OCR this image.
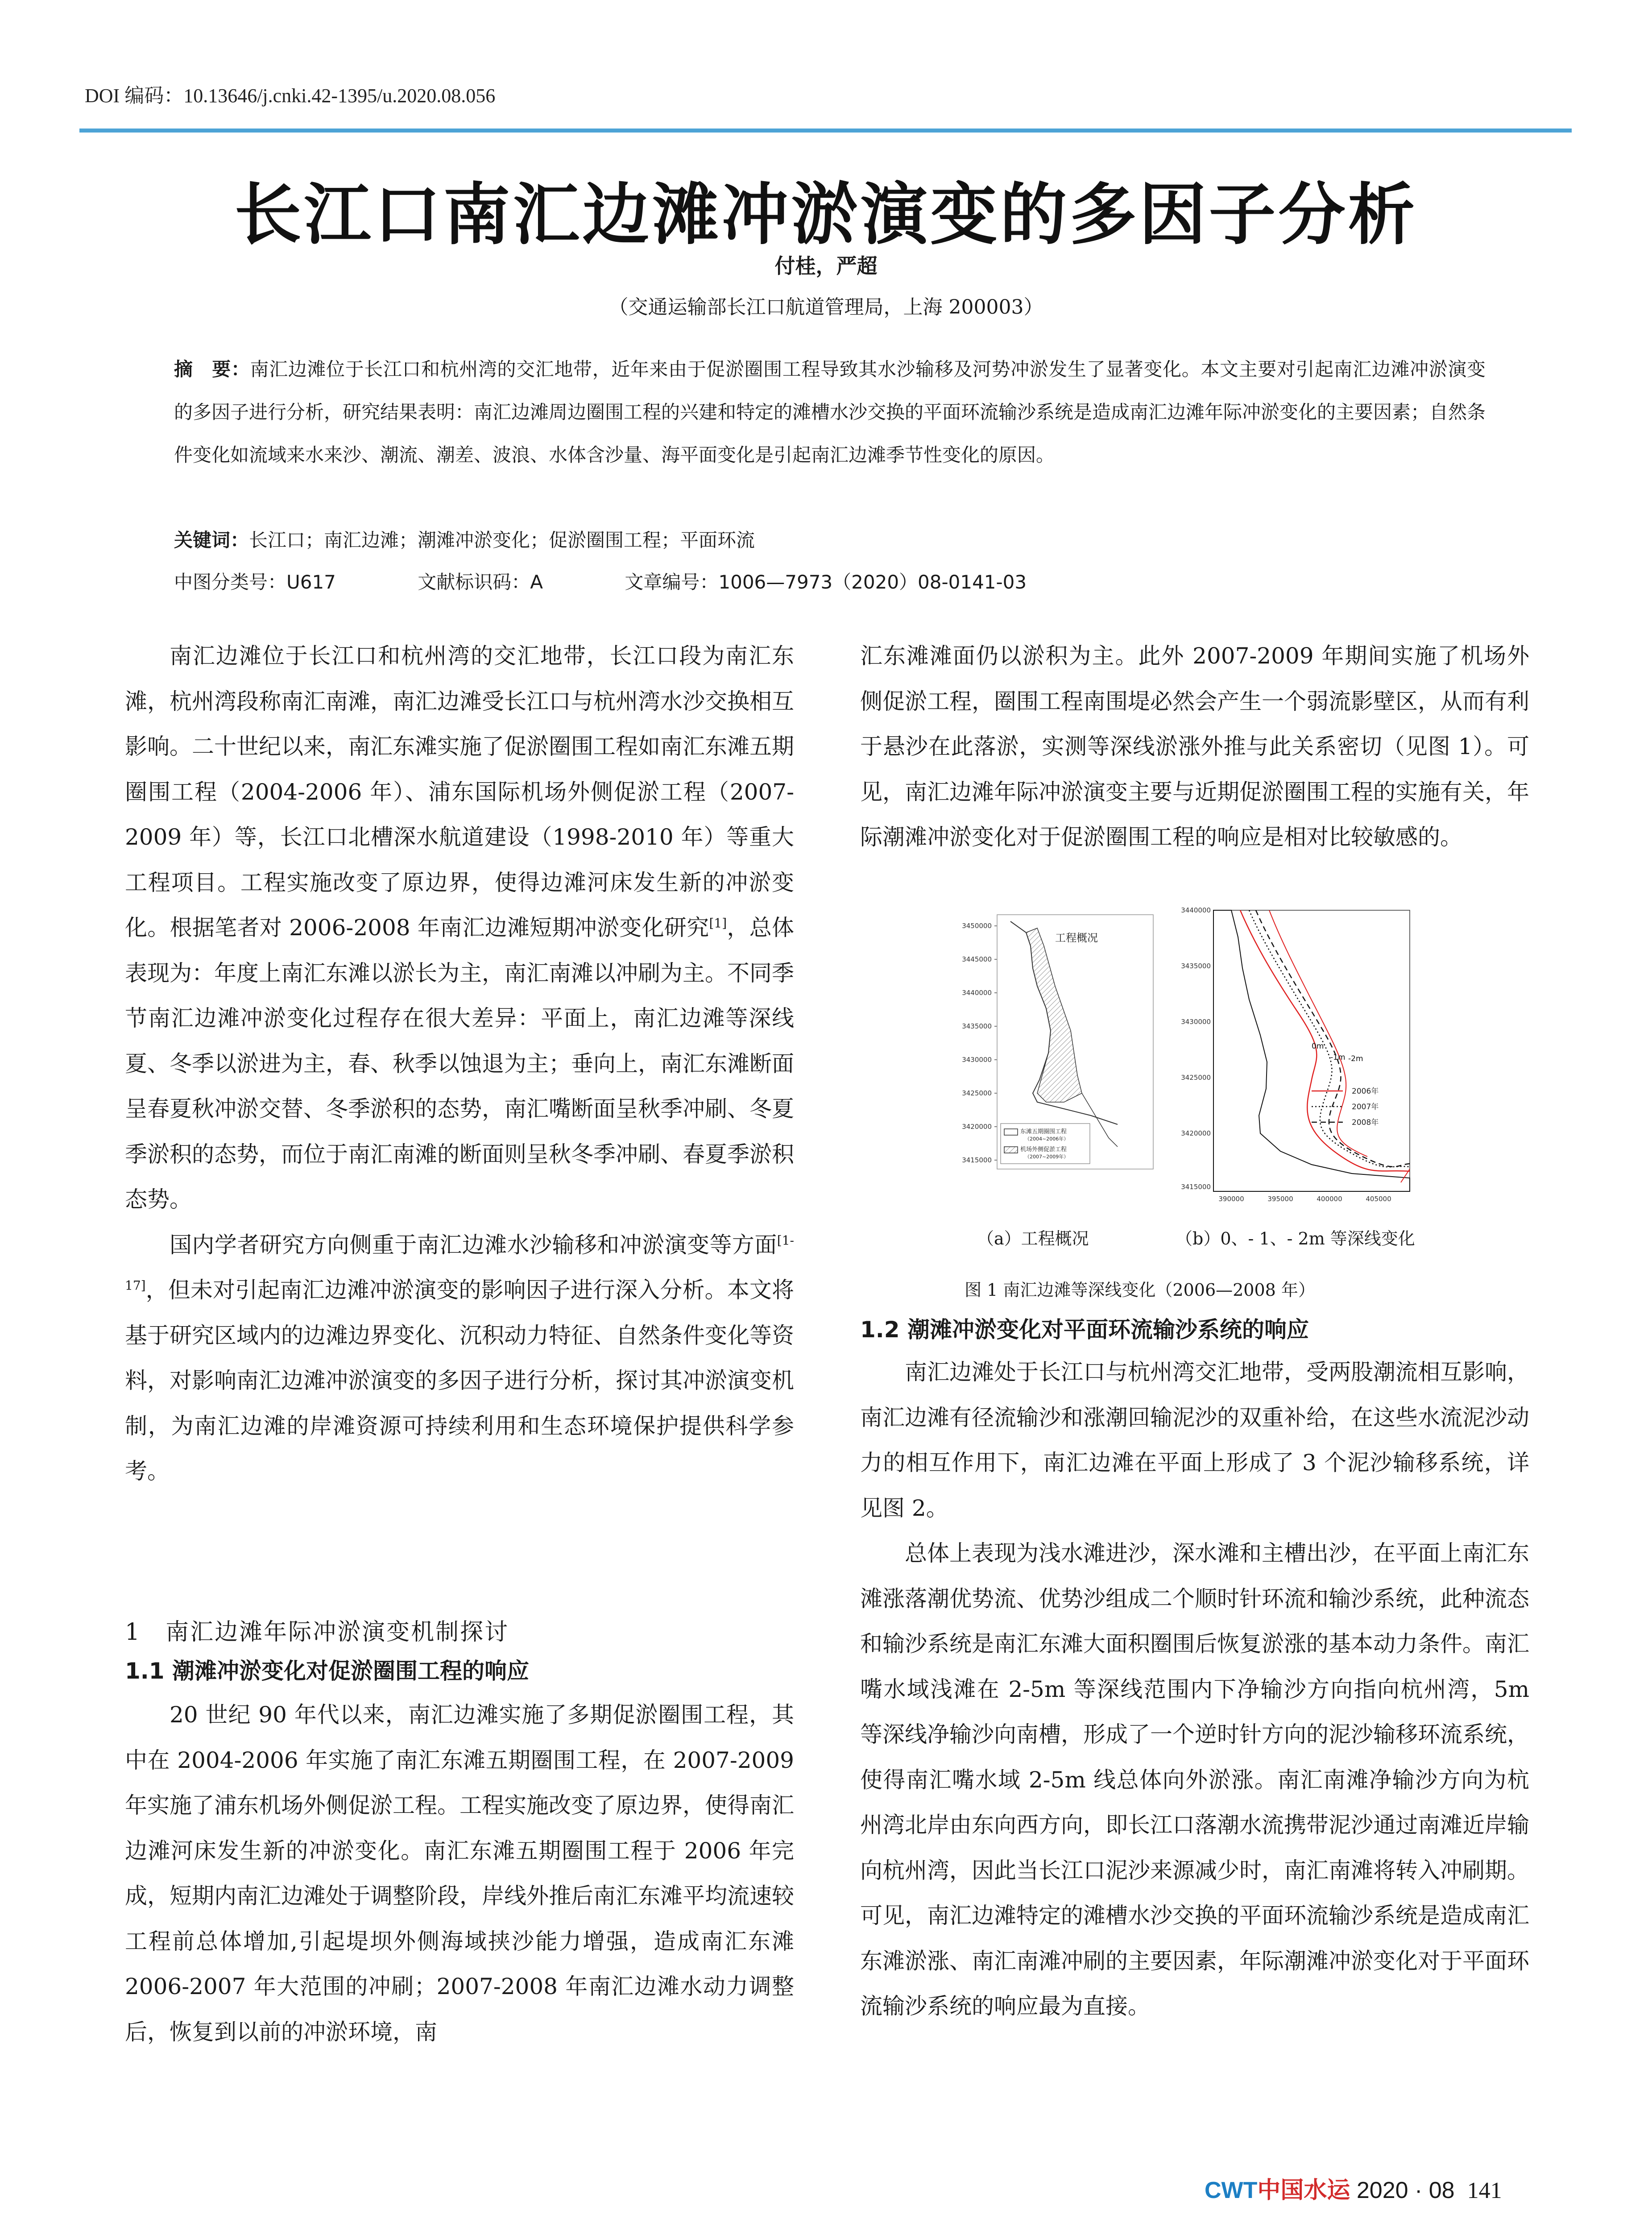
DOI 编码：10.13646/j.cnki.42-1395/u.2020.08.056
长江口南汇边滩冲淤演变的多因子分析
付桂，严超
（交通运输部长江口航道管理局，上海 200003）
摘　要：南汇边滩位于长江口和杭州湾的交汇地带，近年来由于促淤圈围工程导致其水沙输移及河势冲淤发生了显著变化。本文主要对引起南汇边滩冲淤演变的多因子进行分析，研究结果表明：南汇边滩周边圈围工程的兴建和特定的滩槽水沙交换的平面环流输沙系统是造成南汇边滩年际冲淤变化的主要因素；自然条件变化如流域来水来沙、潮流、潮差、波浪、水体含沙量、海平面变化是引起南汇边滩季节性变化的原因。
关键词：长江口；南汇边滩；潮滩冲淤变化；促淤圈围工程；平面环流
中图分类号：U617	文献标识码：A	文章编号：1006—7973（2020）08-0141-03

南汇边滩位于长江口和杭州湾的交汇地带，长江口段为南汇东滩，杭州湾段称南汇南滩，南汇边滩受长江口与杭州湾水沙交换相互影响。二十世纪以来，南汇东滩实施了促淤圈围工程如南汇东滩五期圈围工程（2004-2006 年）、浦东国际机场外侧促淤工程（2007-2009 年）等，长江口北槽深水航道建设（1998-2010 年）等重大工程项目。工程实施改变了原边界，使得边滩河床发生新的冲淤变化。根据笔者对 2006-2008 年南汇边滩短期冲淤变化研究[1]，总体表现为：年度上南汇东滩以淤长为主，南汇南滩以冲刷为主。不同季节南汇边滩冲淤变化过程存在很大差异：平面上，南汇边滩等深线夏、冬季以淤进为主，春、秋季以蚀退为主；垂向上，南汇东滩断面呈春夏秋冲淤交替、冬季淤积的态势，南汇嘴断面呈秋季冲刷、冬夏季淤积的态势，而位于南汇南滩的断面则呈秋冬季冲刷、春夏季淤积态势。

国内学者研究方向侧重于南汇边滩水沙输移和冲淤演变等方面[1-17]，但未对引起南汇边滩冲淤演变的影响因子进行深入分析。本文将基于研究区域内的边滩边界变化、沉积动力特征、自然条件变化等资料，对影响南汇边滩冲淤演变的多因子进行分析，探讨其冲淤演变机制，为南汇边滩的岸滩资源可持续利用和生态环境保护提供科学参考。

1　南汇边滩年际冲淤演变机制探讨
1.1 潮滩冲淤变化对促淤圈围工程的响应

20 世纪 90 年代以来，南汇边滩实施了多期促淤圈围工程，其中在 2004-2006 年实施了南汇东滩五期圈围工程，在 2007-2009 年实施了浦东机场外侧促淤工程。工程实施改变了原边界，使得南汇边滩河床发生新的冲淤变化。南汇东滩五期圈围工程于 2006 年完成，短期内南汇边滩处于调整阶段，岸线外推后南汇东滩平均流速较工程前总体增加,引起堤坝外侧海域挟沙能力增强，造成南汇东滩 2006-2007 年大范围的冲刷；2007-2008 年南汇边滩水动力调整后，恢复到以前的冲淤环境，南

汇东滩滩面仍以淤积为主。此外 2007-2009 年期间实施了机场外侧促淤工程，圈围工程南围堤必然会产生一个弱流影壁区，从而有利于悬沙在此落淤，实测等深线淤涨外推与此关系密切（见图 1）。可见，南汇边滩年际冲淤演变主要与近期促淤圈围工程的实施有关，年际潮滩冲淤变化对于促淤圈围工程的响应是相对比较敏感的。

工程概况
3450000
3445000
3440000
3435000
3430000
3425000
3420000
3415000
东滩五期圈围工程
（2004~2006年）
机场外侧促淤工程
（2007~2009年）
3440000
3435000
3430000
3425000
3420000
3415000
390000	395000	400000	405000
0m
-1m -2m
2006年
2007年
2008年
（a）工程概况	（b）0、- 1、- 2m 等深线变化
图 1 南汇边滩等深线变化（2006—2008 年）
1.2 潮滩冲淤变化对平面环流输沙系统的响应

南汇边滩处于长江口与杭州湾交汇地带，受两股潮流相互影响，南汇边滩有径流输沙和涨潮回输泥沙的双重补给，在这些水流泥沙动力的相互作用下，南汇边滩在平面上形成了 3 个泥沙输移系统，详见图 2。

总体上表现为浅水滩进沙，深水滩和主槽出沙，在平面上南汇东滩涨落潮优势流、优势沙组成二个顺时针环流和输沙系统，此种流态和输沙系统是南汇东滩大面积圈围后恢复淤涨的基本动力条件。南汇嘴水域浅滩在 2-5m 等深线范围内下净输沙方向指向杭州湾，5m 等深线净输沙向南槽，形成了一个逆时针方向的泥沙输移环流系统，使得南汇嘴水域 2-5m 线总体向外淤涨。南汇南滩净输沙方向为杭州湾北岸由东向西方向，即长江口落潮水流携带泥沙通过南滩近岸输向杭州湾，因此当长江口泥沙来源减少时，南汇南滩将转入冲刷期。可见，南汇边滩特定的滩槽水沙交换的平面环流输沙系统是造成南汇东滩淤涨、南汇南滩冲刷的主要因素，年际潮滩冲淤变化对于平面环流输沙系统的响应最为直接。

CWT中国水运 2020 · 08 141
